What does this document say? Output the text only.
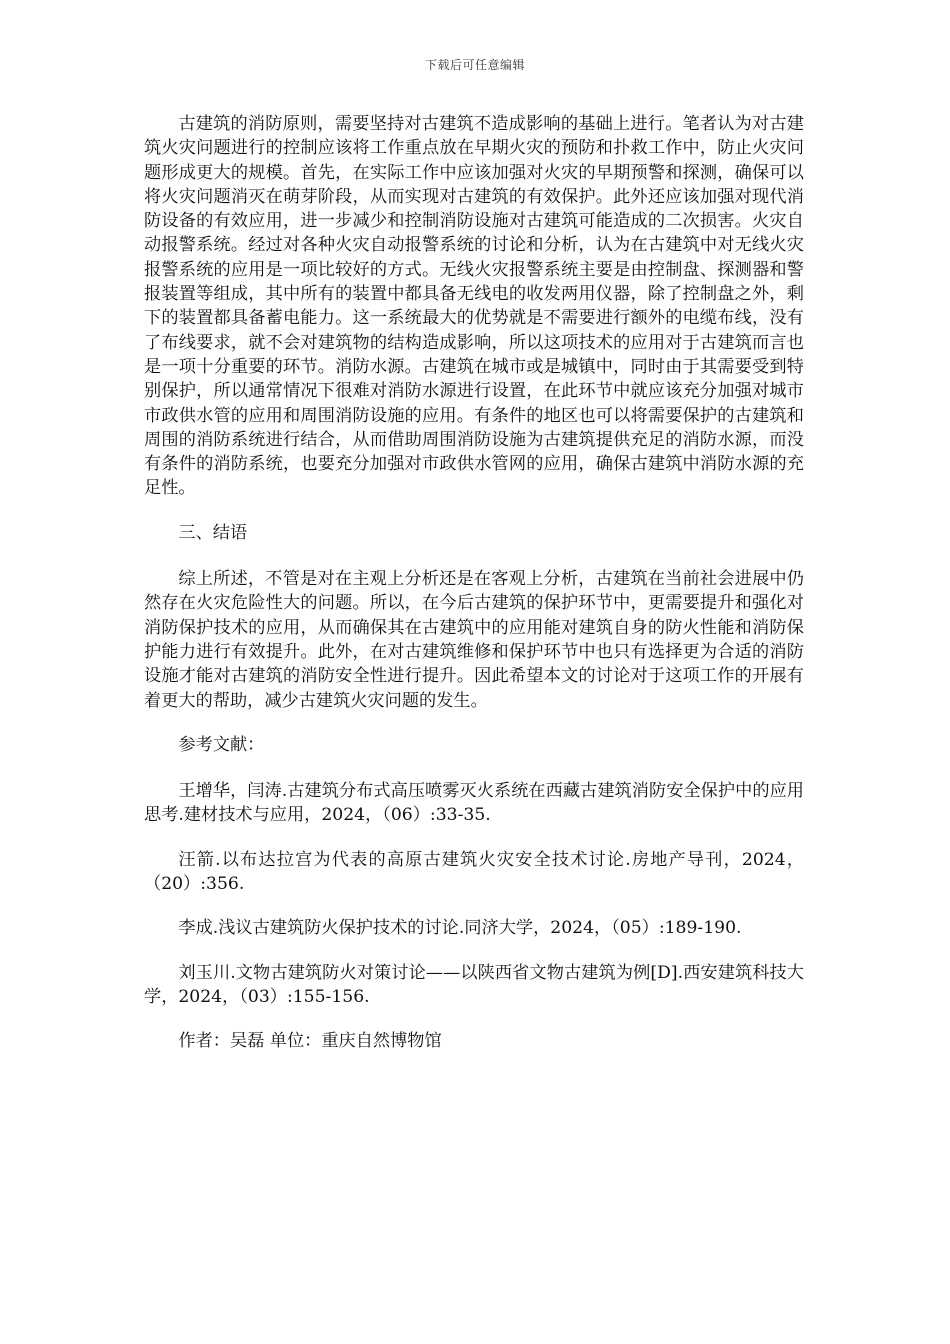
下载后可任意编辑

古建筑的消防原则，需要坚持对古建筑不造成影响的基础上进行。笔者认为对古建筑火灾问题进行的控制应该将工作重点放在早期火灾的预防和扑救工作中，防止火灾问题形成更大的规模。首先，在实际工作中应该加强对火灾的早期预警和探测，确保可以将火灾问题消灭在萌芽阶段，从而实现对古建筑的有效保护。此外还应该加强对现代消防设备的有效应用，进一步减少和控制消防设施对古建筑可能造成的二次损害。火灾自动报警系统。经过对各种火灾自动报警系统的讨论和分析，认为在古建筑中对无线火灾报警系统的应用是一项比较好的方式。无线火灾报警系统主要是由控制盘、探测器和警报装置等组成，其中所有的装置中都具备无线电的收发两用仪器，除了控制盘之外，剩下的装置都具备蓄电能力。这一系统最大的优势就是不需要进行额外的电缆布线，没有了布线要求，就不会对建筑物的结构造成影响，所以这项技术的应用对于古建筑而言也是一项十分重要的环节。消防水源。古建筑在城市或是城镇中，同时由于其需要受到特别保护，所以通常情况下很难对消防水源进行设置，在此环节中就应该充分加强对城市市政供水管的应用和周围消防设施的应用。有条件的地区也可以将需要保护的古建筑和周围的消防系统进行结合，从而借助周围消防设施为古建筑提供充足的消防水源，而没有条件的消防系统，也要充分加强对市政供水管网的应用，确保古建筑中消防水源的充足性。

三、结语

综上所述，不管是对在主观上分析还是在客观上分析，古建筑在当前社会进展中仍然存在火灾危险性大的问题。所以，在今后古建筑的保护环节中，更需要提升和强化对消防保护技术的应用，从而确保其在古建筑中的应用能对建筑自身的防火性能和消防保护能力进行有效提升。此外，在对古建筑维修和保护环节中也只有选择更为合适的消防设施才能对古建筑的消防安全性进行提升。因此希望本文的讨论对于这项工作的开展有着更大的帮助，减少古建筑火灾问题的发生。

参考文献：

王增华，闫涛.古建筑分布式高压喷雾灭火系统在西藏古建筑消防安全保护中的应用思考.建材技术与应用，2024，（06）:33-35.

汪箭.以布达拉宫为代表的高原古建筑火灾安全技术讨论.房地产导刊，2024，（20）:356.

李成.浅议古建筑防火保护技术的讨论.同济大学，2024，（05）:189-190.

刘玉川.文物古建筑防火对策讨论——以陕西省文物古建筑为例[D].西安建筑科技大学，2024，（03）:155-156.

作者：吴磊 单位：重庆自然博物馆
